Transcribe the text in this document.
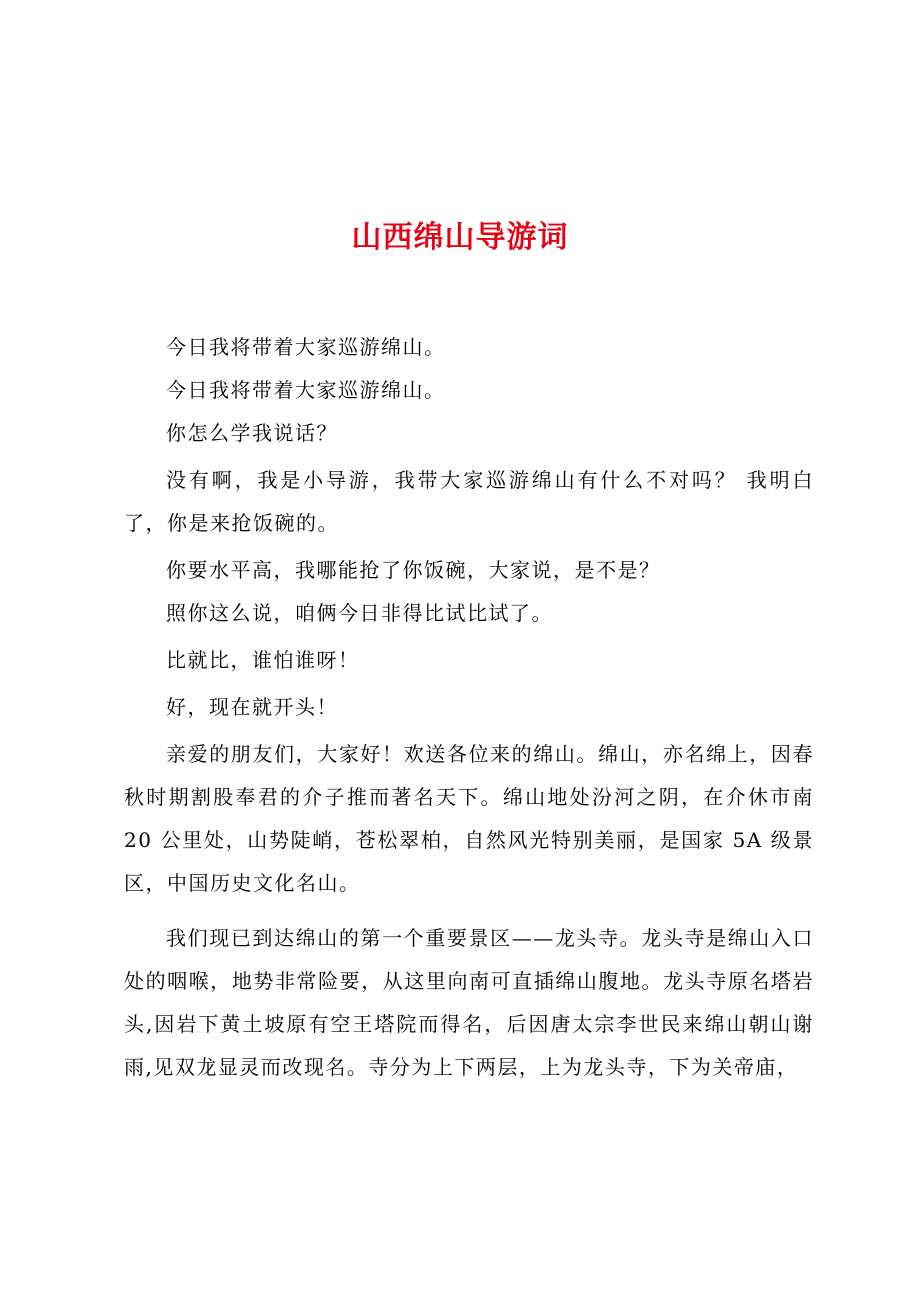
山西绵山导游词

今日我将带着大家巡游绵山。

今日我将带着大家巡游绵山。

你怎么学我说话？

没有啊，我是小导游，我带大家巡游绵山有什么不对吗？ 我明白了，你是来抢饭碗的。

你要水平高，我哪能抢了你饭碗，大家说，是不是？

照你这么说，咱俩今日非得比试比试了。

比就比，谁怕谁呀！

好，现在就开头！

亲爱的朋友们，大家好！欢送各位来的绵山。绵山，亦名绵上，因春秋时期割股奉君的介子推而著名天下。绵山地处汾河之阴，在介休市南 20 公里处，山势陡峭，苍松翠柏，自然风光特别美丽，是国家 5A 级景区，中国历史文化名山。

我们现已到达绵山的第一个重要景区——龙头寺。龙头寺是绵山入口处的咽喉，地势非常险要，从这里向南可直插绵山腹地。龙头寺原名塔岩头,因岩下黄土坡原有空王塔院而得名，后因唐太宗李世民来绵山朝山谢雨,见双龙显灵而改现名。寺分为上下两层，上为龙头寺，下为关帝庙，
